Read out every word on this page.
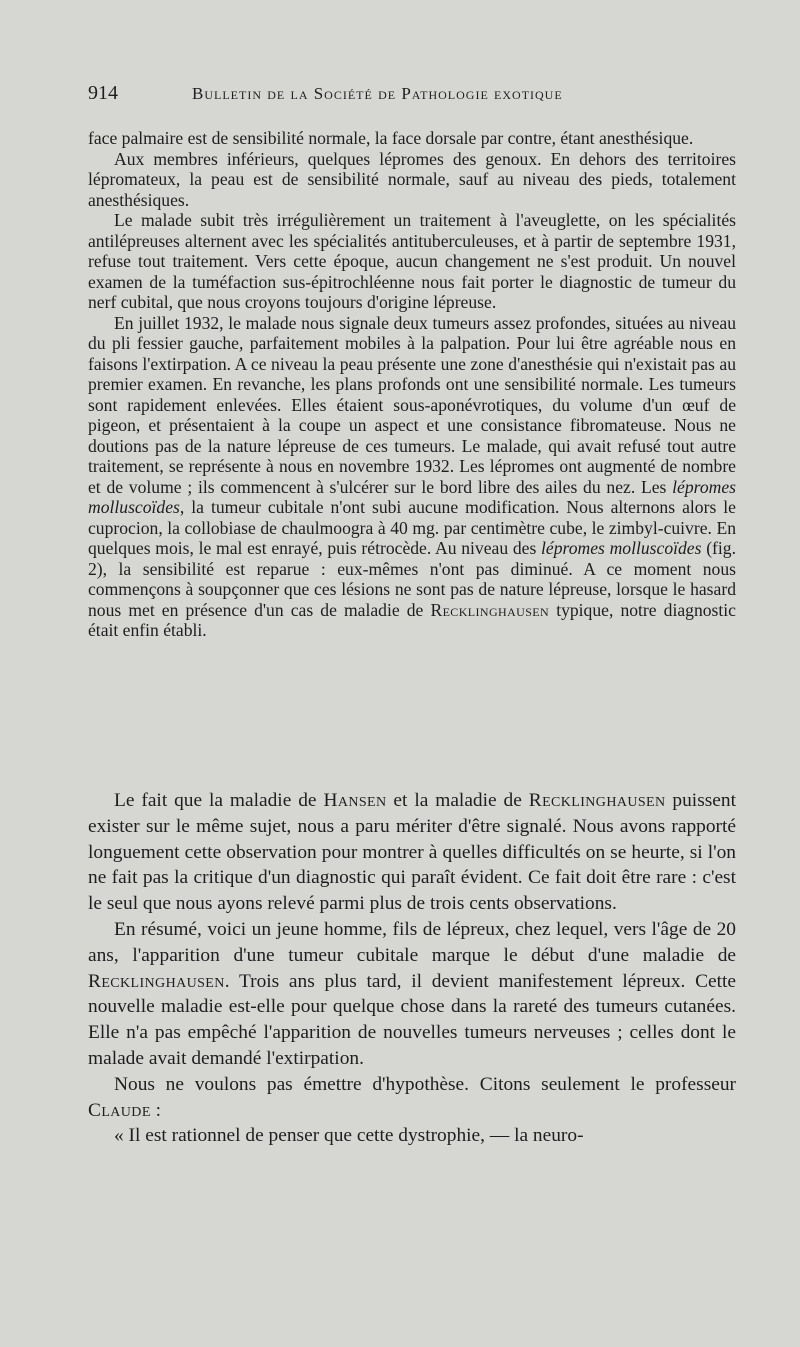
914	Bulletin de la Société de Pathologie exotique

face palmaire est de sensibilité normale, la face dorsale par contre, étant anesthésique.

Aux membres inférieurs, quelques lépromes des genoux. En dehors des territoires lépromateux, la peau est de sensibilité normale, sauf au niveau des pieds, totalement anesthésiques.

Le malade subit très irrégulièrement un traitement à l'aveuglette, on les spécialités antilépreuses alternent avec les spécialités antituberculeuses, et à partir de septembre 1931, refuse tout traitement. Vers cette époque, aucun changement ne s'est produit. Un nouvel examen de la tuméfaction sus-épitrochléenne nous fait porter le diagnostic de tumeur du nerf cubital, que nous croyons toujours d'origine lépreuse.

En juillet 1932, le malade nous signale deux tumeurs assez profondes, situées au niveau du pli fessier gauche, parfaitement mobiles à la palpation. Pour lui être agréable nous en faisons l'extirpation. A ce niveau la peau présente une zone d'anesthésie qui n'existait pas au premier examen. En revanche, les plans profonds ont une sensibilité normale. Les tumeurs sont rapidement enlevées. Elles étaient sous-aponévrotiques, du volume d'un œuf de pigeon, et présentaient à la coupe un aspect et une consistance fibromateuse. Nous ne doutions pas de la nature lépreuse de ces tumeurs. Le malade, qui avait refusé tout autre traitement, se représente à nous en novembre 1932. Les lépromes ont augmenté de nombre et de volume ; ils commencent à s'ulcérer sur le bord libre des ailes du nez. Les lépromes molluscoïdes, la tumeur cubitale n'ont subi aucune modification. Nous alternons alors le cuprocion, la collobiase de chaulmoogra à 40 mg. par centimètre cube, le zimbyl-cuivre. En quelques mois, le mal est enrayé, puis rétrocède. Au niveau des lépromes molluscoïdes (fig. 2), la sensibilité est reparue : eux-mêmes n'ont pas diminué. A ce moment nous commençons à soupçonner que ces lésions ne sont pas de nature lépreuse, lorsque le hasard nous met en présence d'un cas de maladie de Recklinghausen typique, notre diagnostic était enfin établi.

Le fait que la maladie de Hansen et la maladie de Recklinghausen puissent exister sur le même sujet, nous a paru mériter d'être signalé. Nous avons rapporté longuement cette observation pour montrer à quelles difficultés on se heurte, si l'on ne fait pas la critique d'un diagnostic qui paraît évident. Ce fait doit être rare : c'est le seul que nous ayons relevé parmi plus de trois cents observations.

En résumé, voici un jeune homme, fils de lépreux, chez lequel, vers l'âge de 20 ans, l'apparition d'une tumeur cubitale marque le début d'une maladie de Recklinghausen. Trois ans plus tard, il devient manifestement lépreux. Cette nouvelle maladie est-elle pour quelque chose dans la rareté des tumeurs cutanées. Elle n'a pas empêché l'apparition de nouvelles tumeurs nerveuses ; celles dont le malade avait demandé l'extirpation.

Nous ne voulons pas émettre d'hypothèse. Citons seulement le professeur Claude :

« Il est rationnel de penser que cette dystrophie, — la neuro-
